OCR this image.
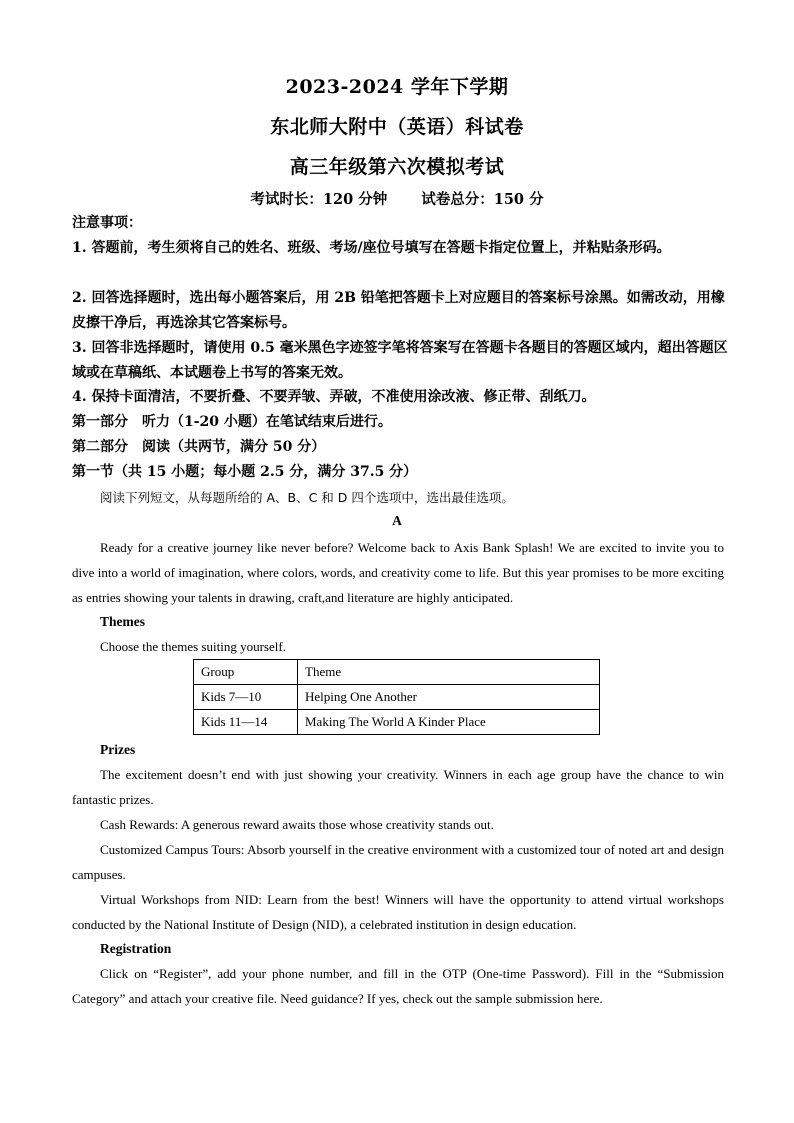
2023-2024 学年下学期
东北师大附中（英语）科试卷
高三年级第六次模拟考试
考试时长：120 分钟 试卷总分：150 分
注意事项：
1. 答题前，考生须将自己的姓名、班级、考场/座位号填写在答题卡指定位置上，并粘贴条形码。
2. 回答选择题时，选出每小题答案后，用 2B 铅笔把答题卡上对应题目的答案标号涂黑。如需改动，用橡皮擦干净后，再选涂其它答案标号。
3. 回答非选择题时，请使用 0.5 毫米黑色字迹签字笔将答案写在答题卡各题目的答题区域内，超出答题区域或在草稿纸、本试题卷上书写的答案无效。
4. 保持卡面清洁，不要折叠、不要弄皱、弄破，不准使用涂改液、修正带、刮纸刀。
第一部分　听力（1-20 小题）在笔试结束后进行。
第二部分　阅读（共两节，满分 50 分）
第一节（共 15 小题；每小题 2.5 分，满分 37.5 分）
阅读下列短文，从每题所给的 A、B、C 和 D 四个选项中，选出最佳选项。
A
Ready for a creative journey like never before? Welcome back to Axis Bank Splash! We are excited to invite you to dive into a world of imagination, where colors, words, and creativity come to life. But this year promises to be more exciting as entries showing your talents in drawing, craft,and literature are highly anticipated.
Themes
Choose the themes suiting yourself.
Group	Theme
Kids 7—10	Helping One Another
Kids 11—14	Making The World A Kinder Place
Prizes
The excitement doesn’t end with just showing your creativity. Winners in each age group have the chance to win fantastic prizes.
Cash Rewards: A generous reward awaits those whose creativity stands out.
Customized Campus Tours: Absorb yourself in the creative environment with a customized tour of noted art and design campuses.
Virtual Workshops from NID: Learn from the best! Winners will have the opportunity to attend virtual workshops conducted by the National Institute of Design (NID), a celebrated institution in design education.
Registration
Click on “Register”, add your phone number, and fill in the OTP (One-time Password). Fill in the “Submission Category” and attach your creative file. Need guidance? If yes, check out the sample submission here.
